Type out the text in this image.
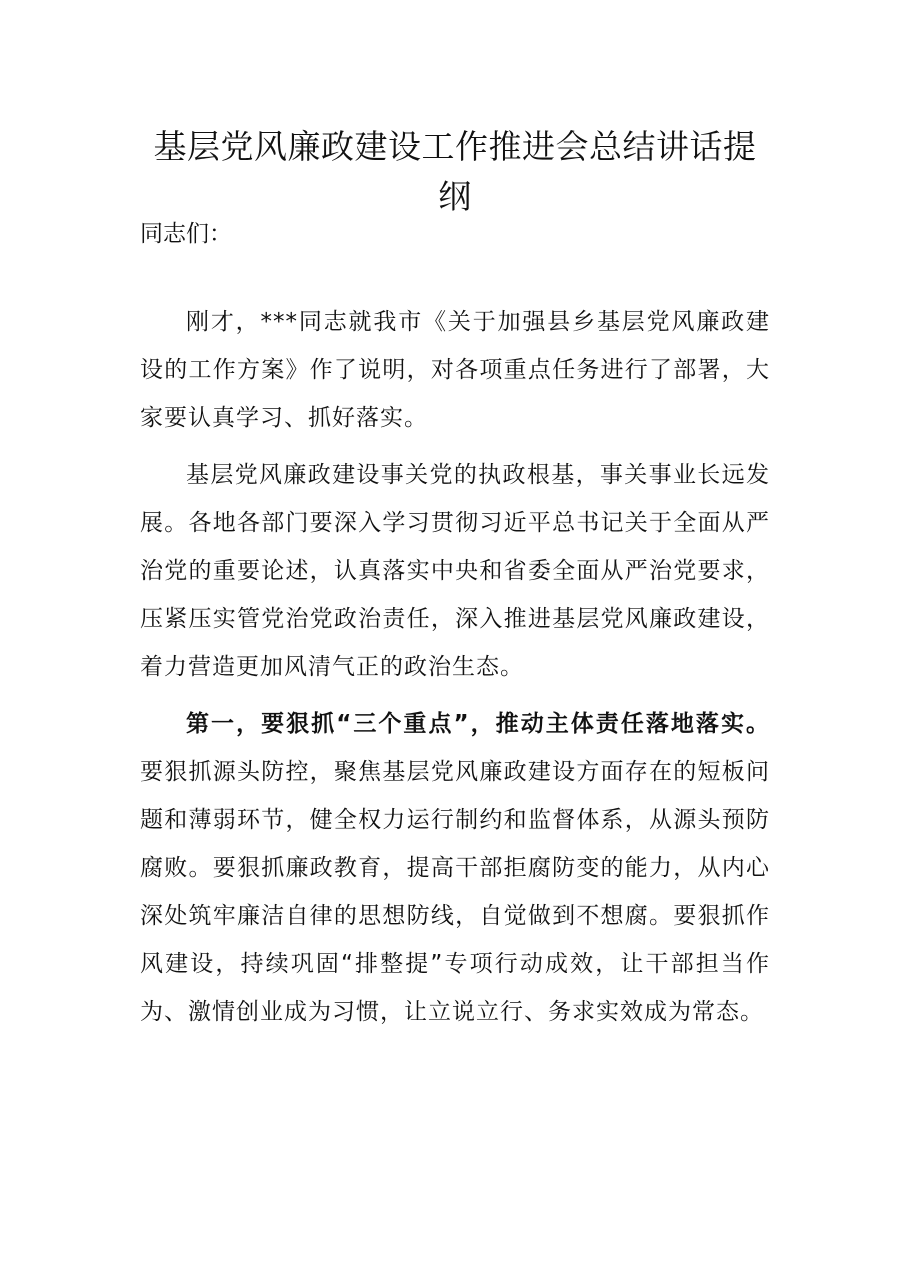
基层党风廉政建设工作推进会总结讲话提纲

同志们：

刚才，***同志就我市《关于加强县乡基层党风廉政建设的工作方案》作了说明，对各项重点任务进行了部署，大家要认真学习、抓好落实。

基层党风廉政建设事关党的执政根基，事关事业长远发展。各地各部门要深入学习贯彻习近平总书记关于全面从严治党的重要论述，认真落实中央和省委全面从严治党要求，压紧压实管党治党政治责任，深入推进基层党风廉政建设，着力营造更加风清气正的政治生态。

第一，要狠抓“三个重点”，推动主体责任落地落实。要狠抓源头防控，聚焦基层党风廉政建设方面存在的短板问题和薄弱环节，健全权力运行制约和监督体系，从源头预防腐败。要狠抓廉政教育，提高干部拒腐防变的能力，从内心深处筑牢廉洁自律的思想防线，自觉做到不想腐。要狠抓作风建设，持续巩固“排整提”专项行动成效，让干部担当作为、激情创业成为习惯，让立说立行、务求实效成为常态。
